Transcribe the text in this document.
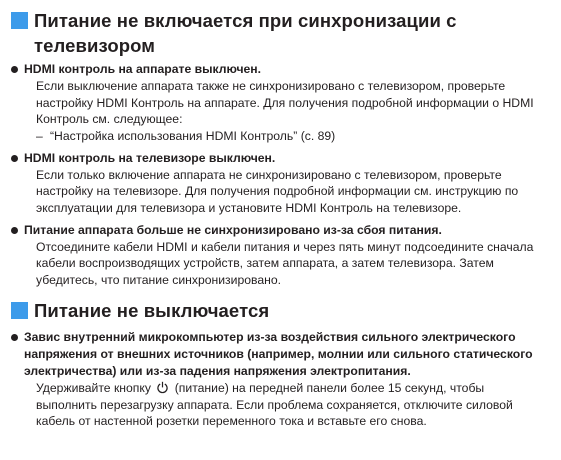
Питание не включается при синхронизации с телевизором

HDMI контроль на аппарате выключен.

Если выключение аппарата также не синхронизировано с телевизором, проверьте настройку HDMI Контроль на аппарате. Для получения подробной информации о HDMI Контроль см. следующее:

– “Настройка использования HDMI Контроль” (с. 89)

HDMI контроль на телевизоре выключен.

Если только включение аппарата не синхронизировано с телевизором, проверьте настройку на телевизоре. Для получения подробной информации см. инструкцию по эксплуатации для телевизора и установите HDMI Контроль на телевизоре.

Питание аппарата больше не синхронизировано из-за сбоя питания.

Отсоедините кабели HDMI и кабели питания и через пять минут подсоедините сначала кабели воспроизводящих устройств, затем аппарата, а затем телевизора. Затем убедитесь, что питание синхронизировано.

Питание не выключается

Завис внутренний микрокомпьютер из-за воздействия сильного электрического напряжения от внешних источников (например, молнии или сильного статического электричества) или из-за падения напряжения электропитания.

Удерживайте кнопку (питание) на передней панели более 15 секунд, чтобы выполнить перезагрузку аппарата. Если проблема сохраняется, отключите силовой кабель от настенной розетки переменного тока и вставьте его снова.
